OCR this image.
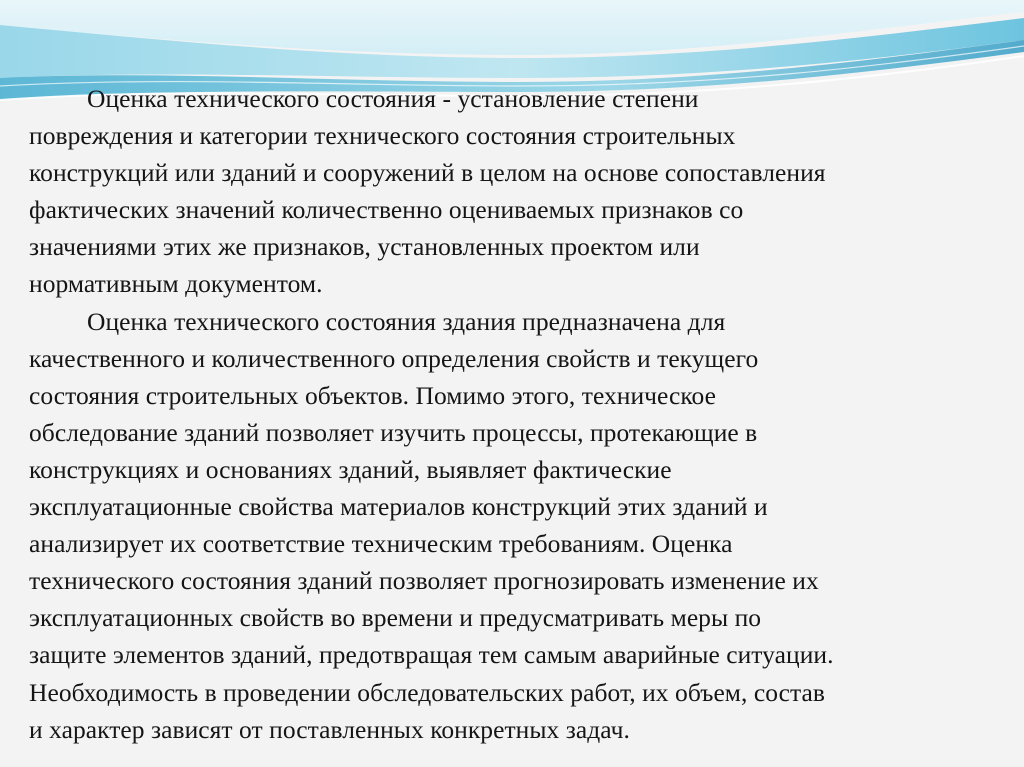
Оценка технического состояния - установление степени
повреждения и категории технического состояния строительных
конструкций или зданий и сооружений в целом на основе сопоставления
фактических значений количественно оцениваемых признаков со
значениями этих же признаков, установленных проектом или
нормативным документом.

Оценка технического состояния здания предназначена для
качественного и количественного определения свойств и текущего
состояния строительных объектов. Помимо этого, техническое
обследование зданий позволяет изучить процессы, протекающие в
конструкциях и основаниях зданий, выявляет фактические
эксплуатационные свойства материалов конструкций этих зданий и
анализирует их соответствие техническим требованиям. Оценка
технического состояния зданий позволяет прогнозировать изменение их
эксплуатационных свойств во времени и предусматривать меры по
защите элементов зданий, предотвращая тем самым аварийные ситуации.
Необходимость в проведении обследовательских работ, их объем, состав
и характер зависят от поставленных конкретных задач.
